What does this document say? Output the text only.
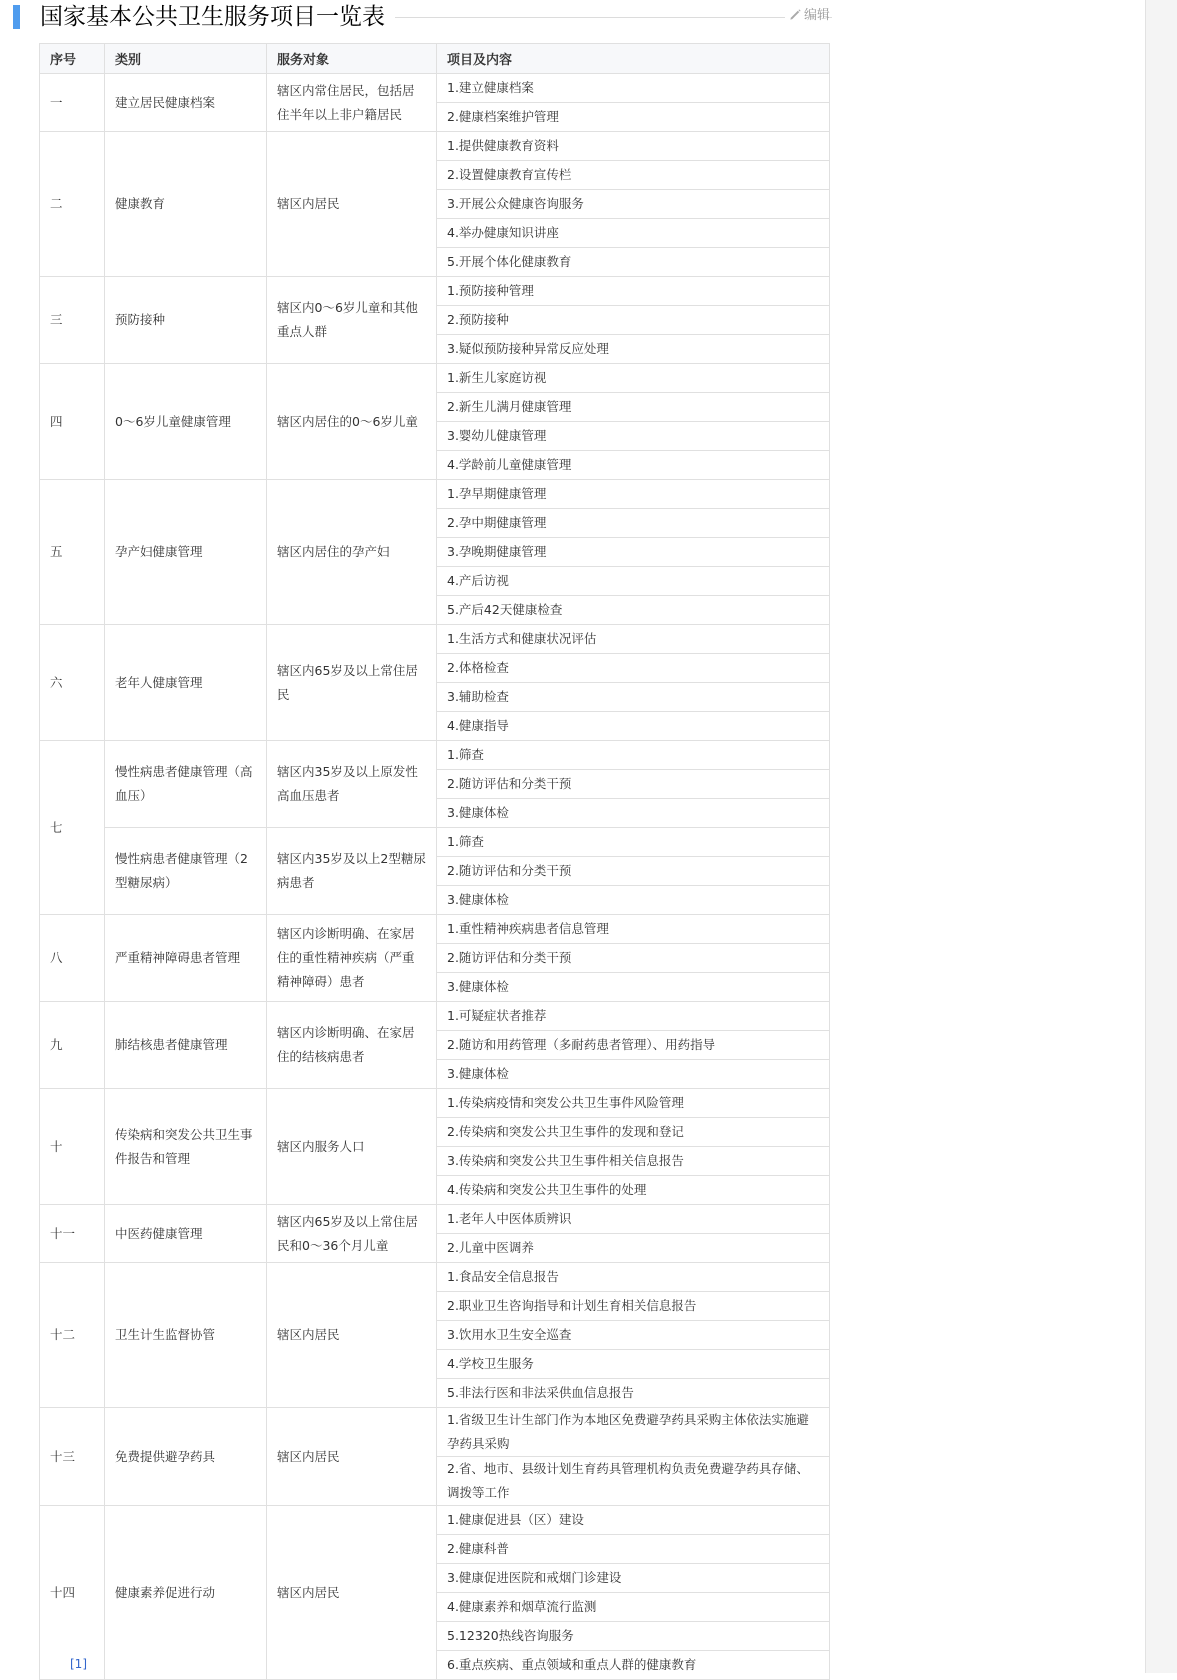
国家基本公共卫生服务项目一览表	编辑
序号	类别	服务对象	项目及内容
一	建立居民健康档案	辖区内常住居民，包括居住半年以上非户籍居民	1.建立健康档案
			2.健康档案维护管理
二	健康教育	辖区内居民	1.提供健康教育资料
			2.设置健康教育宣传栏
			3.开展公众健康咨询服务
			4.举办健康知识讲座
			5.开展个体化健康教育
三	预防接种	辖区内0～6岁儿童和其他重点人群	1.预防接种管理
			2.预防接种
			3.疑似预防接种异常反应处理
四	0～6岁儿童健康管理	辖区内居住的0～6岁儿童	1.新生儿家庭访视
			2.新生儿满月健康管理
			3.婴幼儿健康管理
			4.学龄前儿童健康管理
五	孕产妇健康管理	辖区内居住的孕产妇	1.孕早期健康管理
			2.孕中期健康管理
			3.孕晚期健康管理
			4.产后访视
			5.产后42天健康检查
六	老年人健康管理	辖区内65岁及以上常住居民	1.生活方式和健康状况评估
			2.体格检查
			3.辅助检查
			4.健康指导
七	慢性病患者健康管理（高血压）	辖区内35岁及以上原发性高血压患者	1.筛查
			2.随访评估和分类干预
			3.健康体检
	慢性病患者健康管理（2型糖尿病）	辖区内35岁及以上2型糖尿病患者	1.筛查
			2.随访评估和分类干预
			3.健康体检
八	严重精神障碍患者管理	辖区内诊断明确、在家居住的重性精神疾病（严重精神障碍）患者	1.重性精神疾病患者信息管理
			2.随访评估和分类干预
			3.健康体检
九	肺结核患者健康管理	辖区内诊断明确、在家居住的结核病患者	1.可疑症状者推荐
			2.随访和用药管理（多耐药患者管理）、用药指导
			3.健康体检
十	传染病和突发公共卫生事件报告和管理	辖区内服务人口	1.传染病疫情和突发公共卫生事件风险管理
			2.传染病和突发公共卫生事件的发现和登记
			3.传染病和突发公共卫生事件相关信息报告
			4.传染病和突发公共卫生事件的处理
十一	中医药健康管理	辖区内65岁及以上常住居民和0～36个月儿童	1.老年人中医体质辨识
			2.儿童中医调养
十二	卫生计生监督协管	辖区内居民	1.食品安全信息报告
			2.职业卫生咨询指导和计划生育相关信息报告
			3.饮用水卫生安全巡查
			4.学校卫生服务
			5.非法行医和非法采供血信息报告
十三	免费提供避孕药具	辖区内居民	1.省级卫生计生部门作为本地区免费避孕药具采购主体依法实施避孕药具采购
			2.省、地市、县级计划生育药具管理机构负责免费避孕药具存储、调拨等工作
十四	健康素养促进行动	辖区内居民	1.健康促进县（区）建设
			2.健康科普
			3.健康促进医院和戒烟门诊建设
			4.健康素养和烟草流行监测
			5.12320热线咨询服务
			6.重点疾病、重点领域和重点人群的健康教育
[1]
